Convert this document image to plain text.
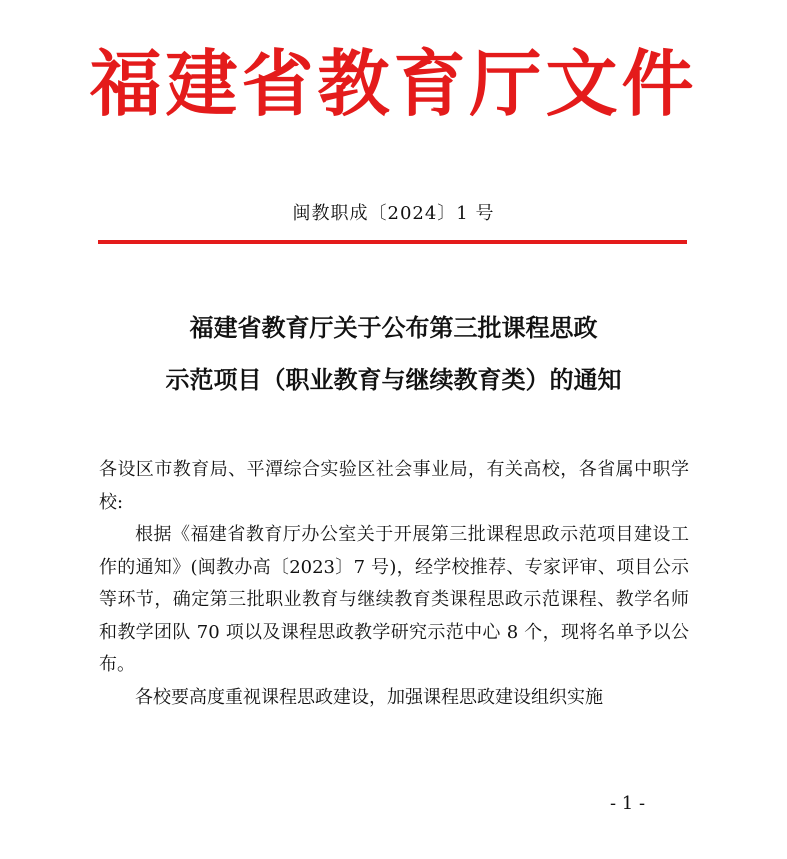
福建省教育厅文件
闽教职成〔2024〕1 号
福建省教育厅关于公布第三批课程思政
示范项目（职业教育与继续教育类）的通知

各设区市教育局、平潭综合实验区社会事业局，有关高校，各省属中职学校:

根据《福建省教育厅办公室关于开展第三批课程思政示范项目建设工作的通知》(闽教办高〔2023〕7 号)，经学校推荐、专家评审、项目公示等环节，确定第三批职业教育与继续教育类课程思政示范课程、教学名师和教学团队 70 项以及课程思政教学研究示范中心 8 个，现将名单予以公布。

各校要高度重视课程思政建设，加强课程思政建设组织实施

- 1 -
